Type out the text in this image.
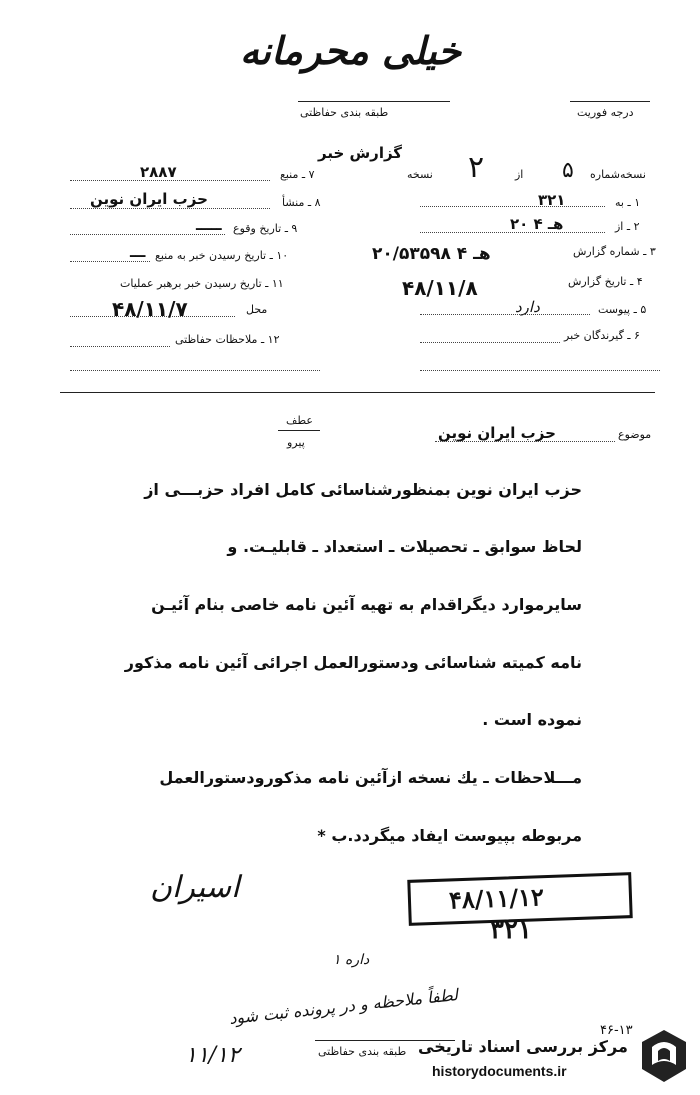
خیلی محرمانه
طبقه بندی حفاظتی	درجه فوریت
گزارش خبر
نسخه‌شماره
۵
از
۲
نسخه
۱ ـ به
۳۲۱
۲ ـ از
۲۰ هـ ۴
۳ ـ شماره گزارش
۲۰/۵۳۵۹۸ هـ ۴
۴ ـ تاریخ گزارش
۴۸/۱۱/۸
۵ ـ پیوست
دارد
۶ ـ گیرندگان خبر
۷ ـ منبع
۲۸۸۷
۸ ـ منشأ
حزب ایران نوین
۹ ـ تاریخ وقوع
ـــــ
۱۰ ـ تاریخ رسیدن خبر به منبع
ـــ
۱۱ ـ تاریخ رسیدن خبر برهبر عملیات
محل
۴۸/۱۱/۷
۱۲ ـ ملاحظات حفاظتی
موضوع
حزب ایران نوین
عطف
پیرو
حزب ایران نوین بمنظورشناسائی کامل افراد حزبـــی از
لحاظ سوابق ـ تحصیلات ـ استعداد ـ قابلیـت. و
سایرموارد دیگراقدام به تهیه آئین نامه خاصی بنام آئیـن
نامه کمیته شناسائی ودستورالعمل اجرائی آئین نامه مذکور
نموده است .
مـــلاحظات ـ یك نسخه ازآئین نامه مذکورودستورالعمل
مربوطه بپیوست ایفاد میگردد.ب *
اسیران	۴۸/۱۱/۱۲
۳۲۱
داره ۱
لطفاً ملاحظه و در پرونده ثبت شود
۱۱/۱۲
۴۶-۱۳
طبقه بندی حفاظتی مرکز بررسی اسناد تاریخی
historydocuments.ir
